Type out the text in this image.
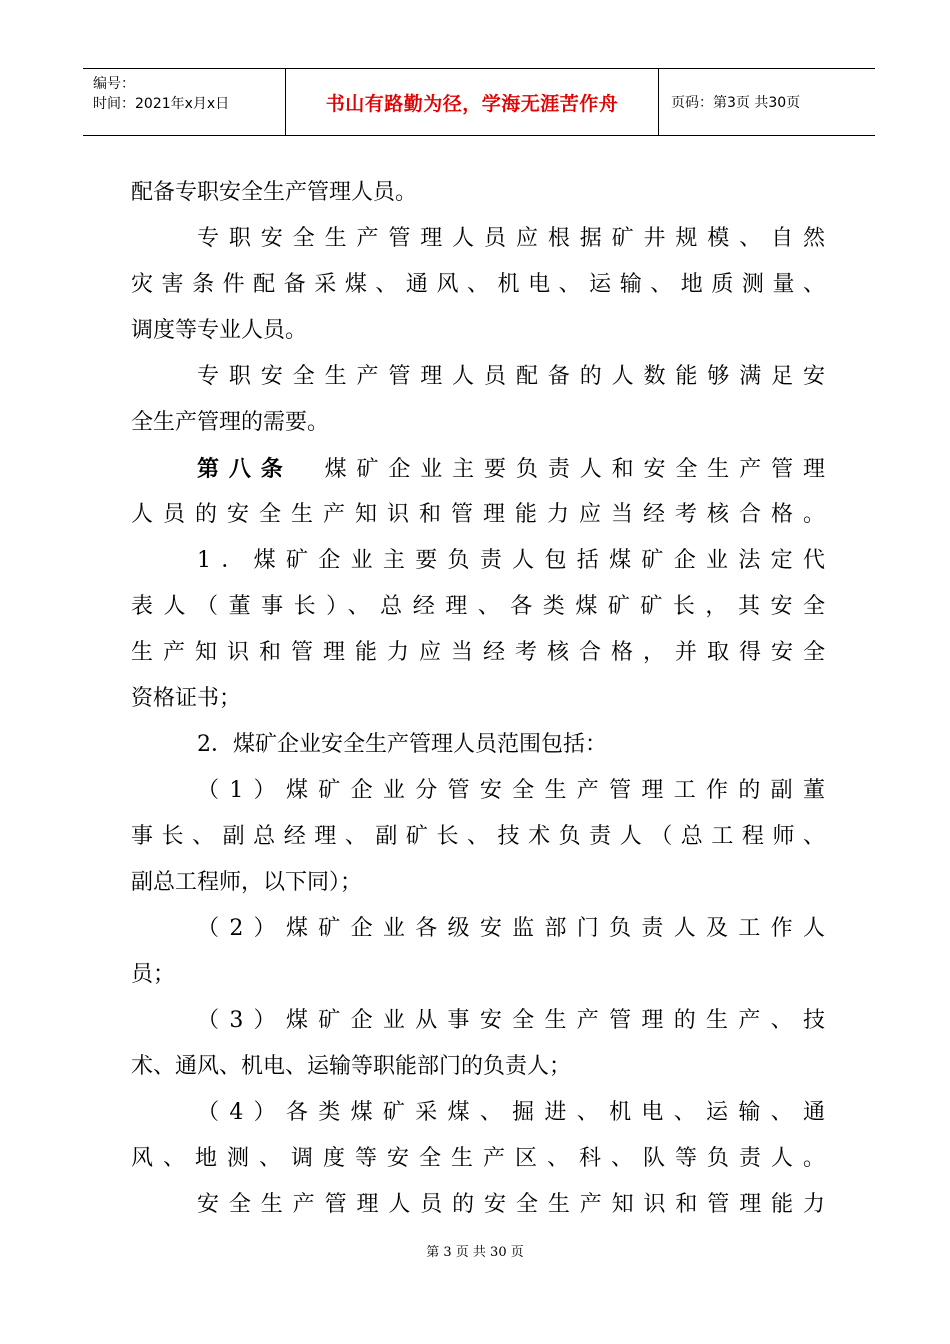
编号：
时间：2021年x月x日	书山有路勤为径，学海无涯苦作舟	页码：第3页 共30页
配备专职安全生产管理人员。
专职安全生产管理人员应根据矿井规模、自然
灾害条件配备采煤、通风、机电、运输、地质测量、
调度等专业人员。
专职安全生产管理人员配备的人数能够满足安
全生产管理的需要。
第八条　 煤矿企业主要负责人和安全生产管理
人员的安全生产知识和管理能力应当经考核合格。
1．煤矿企业主要负责人包括煤矿企业法定代
表人（董事长）、总经理、各类煤矿矿长，其安全
生产知识和管理能力应当经考核合格，并取得安全
资格证书；
2．煤矿企业安全生产管理人员范围包括：
（1）煤矿企业分管安全生产管理工作的副董
事长、副总经理、副矿长、技术负责人（总工程师、
副总工程师，以下同）；
（2）煤矿企业各级安监部门负责人及工作人
员；
（3）煤矿企业从事安全生产管理的生产、技
术、通风、机电、运输等职能部门的负责人；
（4）各类煤矿采煤、掘进、机电、运输、通
风、地测、调度等安全生产区、科、队等负责人。
安全生产管理人员的安全生产知识和管理能力
第 3 页 共 30 页
